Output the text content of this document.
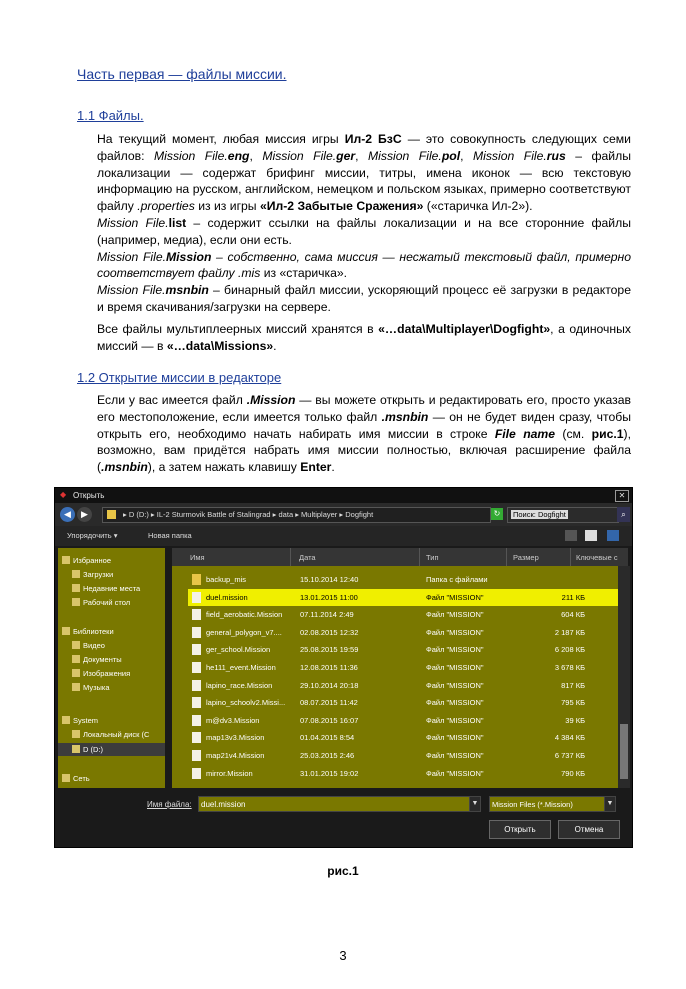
Часть первая — файлы миссии.
1.1 Файлы.
На текущий момент, любая миссия игры Ил-2 БзС — это совокупность следующих семи файлов: Mission File.eng, Mission File.ger, Mission File.pol, Mission File.rus – файлы локализации — содержат брифинг миссии, титры, имена иконок — всю текстовую информацию на русском, английском, немецком и польском языках, примерно соответствуют файлу .properties из из игры «Ил-2 Забытые Сражения» («старичка Ил-2»).
Mission File.list – содержит ссылки на файлы локализации и на все сторонние файлы (например, медиа), если они есть.
Mission File.Mission – собственно, сама миссия — несжатый текстовый файл, примерно соответствует файлу .mis из «старичка».
Mission File.msnbin – бинарный файл миссии, ускоряющий процесс её загрузки в редакторе и время скачивания/загрузки на сервере.
Все файлы мультиплеерных миссий хранятся в «…data\Multiplayer\Dogfight», а одиночных миссий — в «…data\Missions».
1.2 Открытие миссии в редакторе
Если у вас имеется файл .Mission — вы можете открыть и редактировать его, просто указав его местоположение, если имеется только файл .msnbin — он не будет виден сразу, чтобы открыть его, необходимо начать набирать имя миссии в строке File name (см. рис.1), возможно, вам придётся набрать имя миссии полностью, включая расширение файла (.msnbin), а затем нажать клавишу Enter.
◆ Открыть	✕
◀	▶	▸ D (D:) ▸ IL-2 Sturmovik Battle of Stalingrad ▸ data ▸ Multiplayer ▸ Dogfight	↻	Поиск: Dogfight	⌕
Упорядочить ▾	Новая папка
Избранное
Загрузки
Недавние места
Рабочий стол
Библиотеки
Видео
Документы
Изображения
Музыка
System
Локальный диск (C
D (D:)
Сеть
Имя	Дата	Тип	Размер	Ключевые с
backup_mis	15.10.2014 12:40	Папка с файлами
duel.mission	13.01.2015 11:00	Файл "MISSION"	211 КБ
field_aerobatic.Mission 07.11.2014 2:49	Файл "MISSION"	604 КБ
general_polygon_v7.... 02.08.2015 12:32	Файл "MISSION"	2 187 КБ
ger_school.Mission	25.08.2015 19:59	Файл "MISSION"	6 208 КБ
he111_event.Mission	12.08.2015 11:36	Файл "MISSION"	3 678 КБ
lapino_race.Mission	29.10.2014 20:18	Файл "MISSION"	817 КБ
lapino_schoolv2.Missi... 08.07.2015 11:42	Файл "MISSION"	795 КБ
m@dv3.Mission	07.08.2015 16:07	Файл "MISSION"	39 КБ
map13v3.Mission	01.04.2015 8:54	Файл "MISSION"	4 384 КБ
map21v4.Mission	25.03.2015 2:46	Файл "MISSION"	6 737 КБ
mirror.Mission	31.01.2015 19:02	Файл "MISSION"	790 КБ
Имя файла: duel.mission	▼	Mission Files (*.Mission)	▼
Открыть	Отмена
рис.1
3
